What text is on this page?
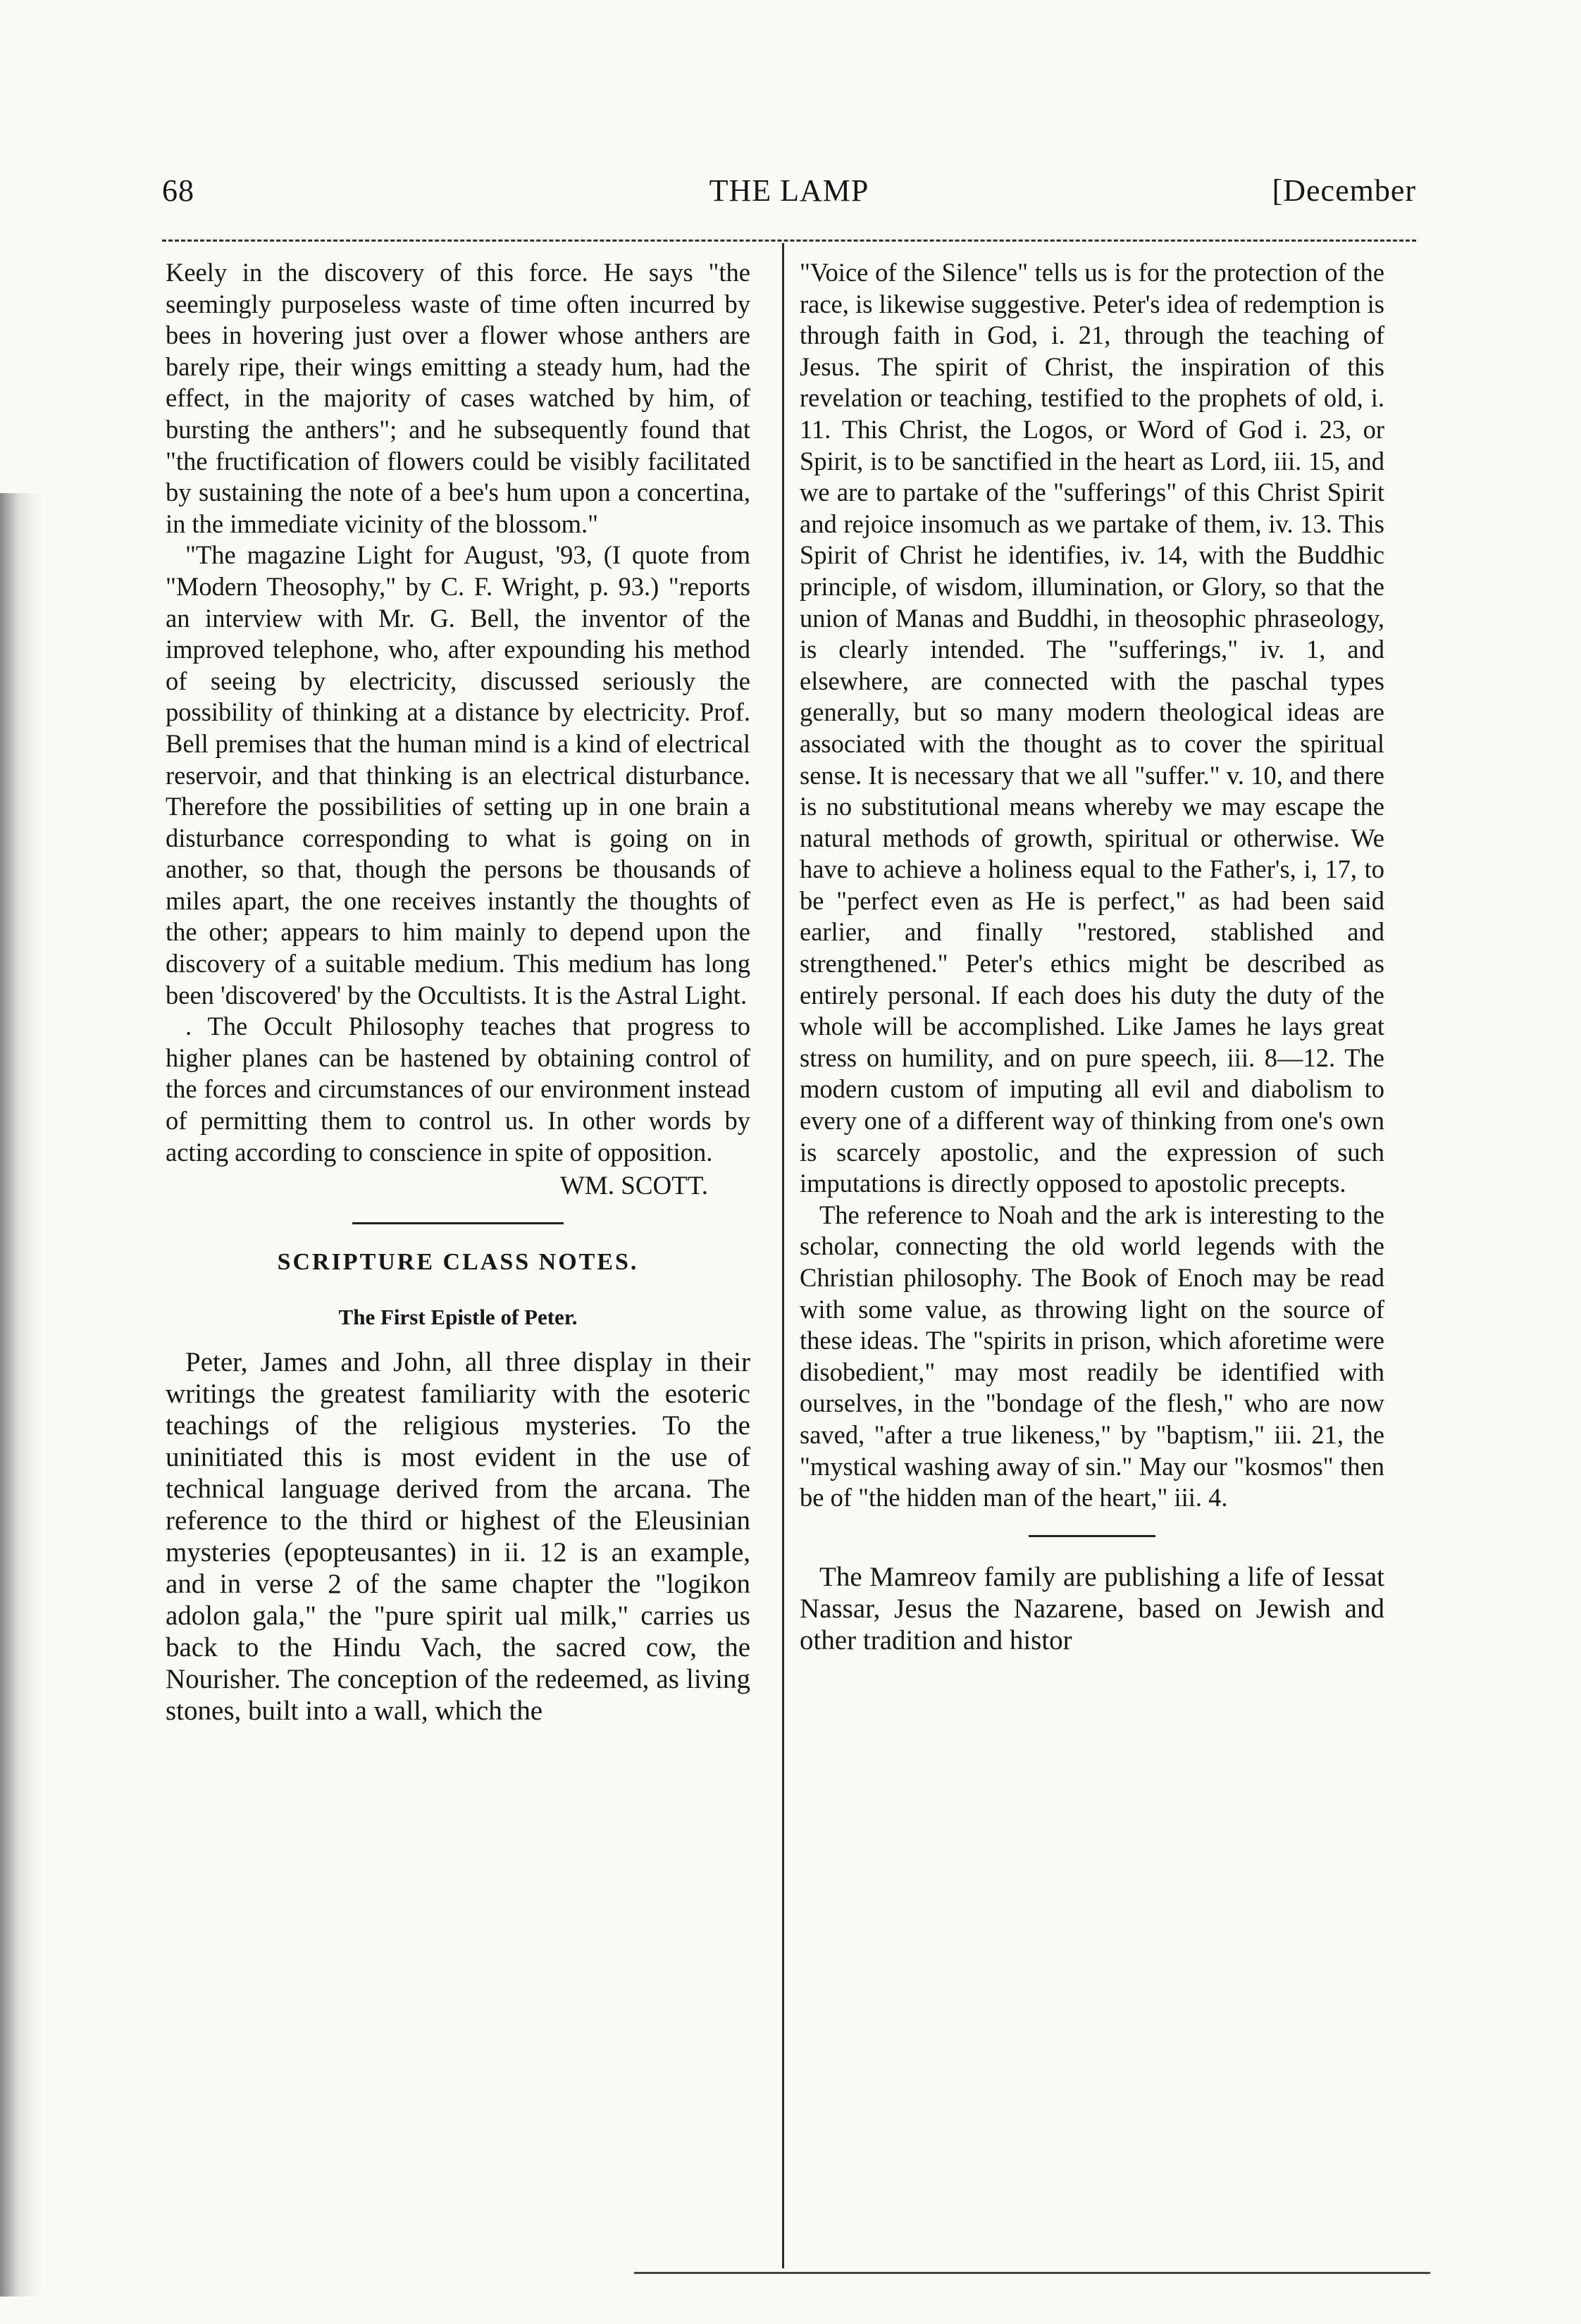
68	THE LAMP	[December

Keely in the discovery of this force. He says "the seemingly purposeless waste of time often incurred by bees in hovering just over a flower whose anthers are barely ripe, their wings emitting a steady hum, had the effect, in the majority of cases watched by him, of bursting the anthers"; and he subsequently found that "the fructification of flowers could be visibly facilitated by sustaining the note of a bee's hum upon a concertina, in the immediate vicinity of the blossom."

"The magazine Light for August, '93, (I quote from "Modern Theosophy," by C. F. Wright, p. 93.) "reports an interview with Mr. G. Bell, the inventor of the improved telephone, who, after expounding his method of seeing by electricity, discussed seriously the possibility of thinking at a distance by electricity. Prof. Bell premises that the human mind is a kind of electrical reservoir, and that thinking is an electrical disturbance. Therefore the possibilities of setting up in one brain a disturbance corresponding to what is going on in another, so that, though the persons be thousands of miles apart, the one receives instantly the thoughts of the other; appears to him mainly to depend upon the discovery of a suitable medium. This medium has long been 'discovered' by the Occultists. It is the Astral Light.

. The Occult Philosophy teaches that progress to higher planes can be hastened by obtaining control of the forces and circumstances of our environment instead of permitting them to control us. In other words by acting according to conscience in spite of opposition.

WM. SCOTT.
SCRIPTURE CLASS NOTES.
The First Epistle of Peter.

Peter, James and John, all three display in their writings the greatest familiarity with the esoteric teachings of the religious mysteries. To the uninitiated this is most evident in the use of technical language derived from the arcana. The reference to the third or highest of the Eleusinian mysteries (epopteusantes) in ii. 12 is an example, and in verse 2 of the same chapter the "logikon adolon gala," the "pure spirit ual milk," carries us back to the Hindu Vach, the sacred cow, the Nourisher. The conception of the redeemed, as living stones, built into a wall, which the

"Voice of the Silence" tells us is for the protection of the race, is likewise suggestive. Peter's idea of redemption is through faith in God, i. 21, through the teaching of Jesus. The spirit of Christ, the inspiration of this revelation or teaching, testified to the prophets of old, i. 11. This Christ, the Logos, or Word of God i. 23, or Spirit, is to be sanctified in the heart as Lord, iii. 15, and we are to partake of the "sufferings" of this Christ Spirit and rejoice insomuch as we partake of them, iv. 13. This Spirit of Christ he identifies, iv. 14, with the Buddhic principle, of wisdom, illumination, or Glory, so that the union of Manas and Buddhi, in theosophic phraseology, is clearly intended. The "sufferings," iv. 1, and elsewhere, are connected with the paschal types generally, but so many modern theological ideas are associated with the thought as to cover the spiritual sense. It is necessary that we all "suffer." v. 10, and there is no substitutional means whereby we may escape the natural methods of growth, spiritual or otherwise. We have to achieve a holiness equal to the Father's, i, 17, to be "perfect even as He is perfect," as had been said earlier, and finally "restored, stablished and strengthened." Peter's ethics might be described as entirely personal. If each does his duty the duty of the whole will be accomplished. Like James he lays great stress on humility, and on pure speech, iii. 8—12. The modern custom of imputing all evil and diabolism to every one of a different way of thinking from one's own is scarcely apostolic, and the expression of such imputations is directly opposed to apostolic precepts.

The reference to Noah and the ark is interesting to the scholar, connecting the old world legends with the Christian philosophy. The Book of Enoch may be read with some value, as throwing light on the source of these ideas. The "spirits in prison, which aforetime were disobedient," may most readily be identified with ourselves, in the "bondage of the flesh," who are now saved, "after a true likeness," by "baptism," iii. 21, the "mystical washing away of sin." May our "kosmos" then be of "the hidden man of the heart," iii. 4.

The Mamreov family are publishing a life of Iessat Nassar, Jesus the Nazarene, based on Jewish and other tradition and histor
